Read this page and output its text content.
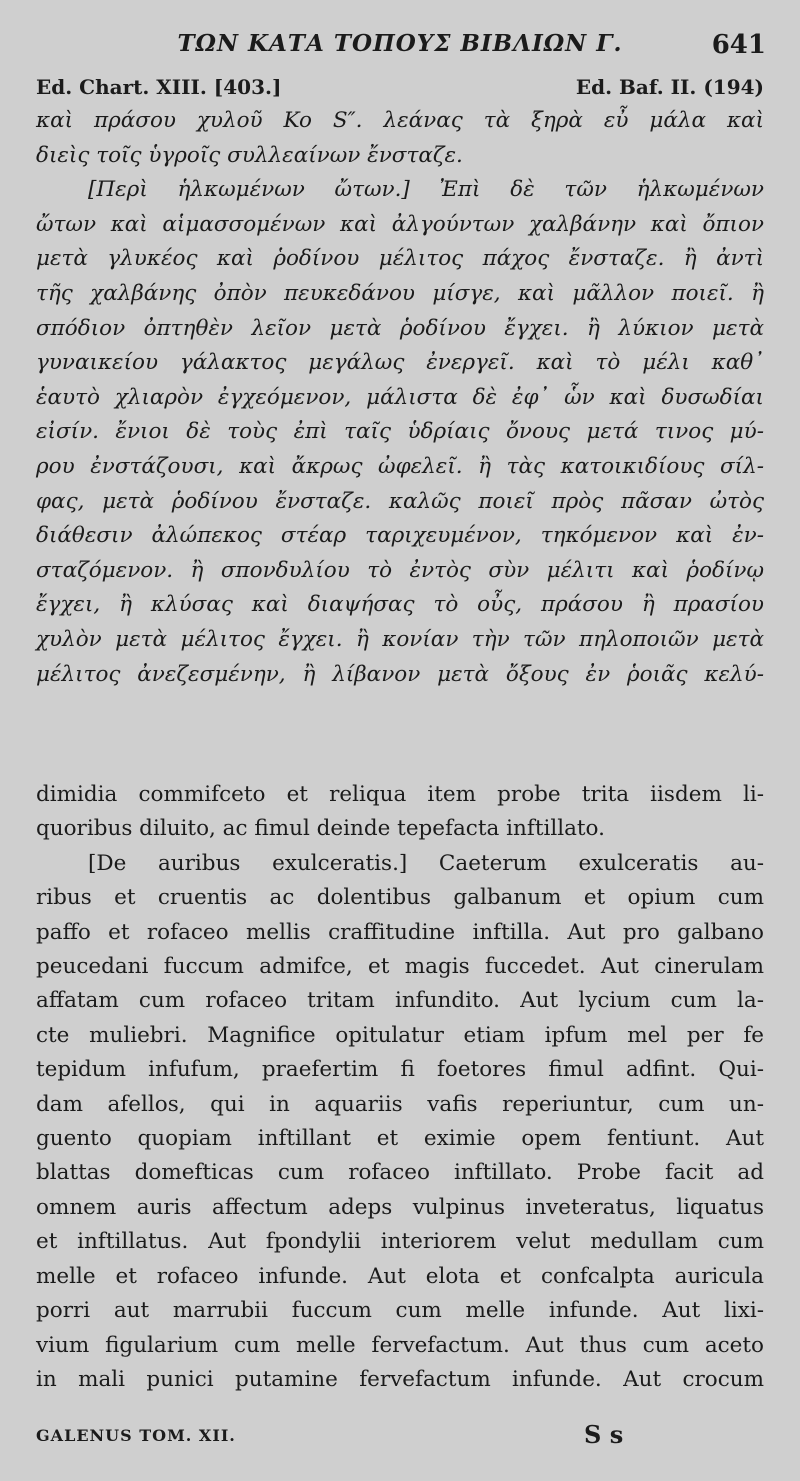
ΤΩΝ ΚΑΤΑ ΤΟΠΟΥΣ ΒΙΒΛΙΩΝ Γ.	641
Ed. Chart. XIII. [403.]	Ed. Baf. II. (194)
καὶ πράσου χυλοῦ Ko S″. λεάνας τὰ ξηρὰ εὖ μάλα καὶ
διεὶς τοῖς ὑγροῖς συλλεαίνων ἔνσταζε.
[Περὶ ἡλκωμένων ὤτων.] Ἐπὶ δὲ τῶν ἡλκωμένων
ὤτων καὶ αἱμασσομένων καὶ ἀλγούντων χαλβάνην καὶ ὄπιον
μετὰ γλυκέος καὶ ῥοδίνου μέλιτος πάχος ἔνσταζε. ἢ ἀντὶ
τῆς χαλβάνης ὀπὸν πευκεδάνου μίσγε, καὶ μᾶλλον ποιεῖ. ἢ
σπόδιον ὀπτηθὲν λεῖον μετὰ ῥοδίνου ἔγχει. ἢ λύκιον μετὰ
γυναικείου γάλακτος μεγάλως ἐνεργεῖ. καὶ τὸ μέλι καθ᾽
ἑαυτὸ χλιαρὸν ἐγχεόμενον, μάλιστα δὲ ἐφ᾽ ὧν καὶ δυσωδίαι
εἰσίν. ἔνιοι δὲ τοὺς ἐπὶ ταῖς ὑδρίαις ὄνους μετά τινος μύ-
ρου ἐνστάζουσι, καὶ ἄκρως ὠφελεῖ. ἢ τὰς κατοικιδίους σίλ-
φας, μετὰ ῥοδίνου ἔνσταζε. καλῶς ποιεῖ πρὸς πᾶσαν ὠτὸς
διάθεσιν ἀλώπεκος στέαρ ταριχευμένον, τηκόμενον καὶ ἐν-
σταζόμενον. ἢ σπονδυλίου τὸ ἐντὸς σὺν μέλιτι καὶ ῥοδίνῳ
ἔγχει, ἢ κλύσας καὶ διαψήσας τὸ οὖς, πράσου ἢ πρασίου
χυλὸν μετὰ μέλιτος ἔγχει. ἢ κονίαν τὴν τῶν πηλοποιῶν μετὰ
μέλιτος ἀνεζεσμένην, ἢ λίβανον μετὰ ὄξους ἐν ῥοιᾶς κελύ-
dimidia commifceto et reliqua item probe trita iisdem li-
quoribus diluito, ac fimul deinde tepefacta inftillato.
[De auribus exulceratis.] Caeterum exulceratis au-
ribus et cruentis ac dolentibus galbanum et opium cum
paffo et rofaceo mellis craffitudine inftilla. Aut pro galbano
peucedani fuccum admifce, et magis fuccedet. Aut cinerulam
affatam cum rofaceo tritam infundito. Aut lycium cum la-
cte muliebri. Magnifice opitulatur etiam ipfum mel per fe
tepidum infufum, praefertim fi foetores fimul adfint. Qui-
dam afellos, qui in aquariis vafis reperiuntur, cum un-
guento quopiam inftillant et eximie opem fentiunt. Aut
blattas domefticas cum rofaceo inftillato. Probe facit ad
omnem auris affectum adeps vulpinus inveteratus, liquatus
et inftillatus. Aut fpondylii interiorem velut medullam cum
melle et rofaceo infunde. Aut elota et confcalpta auricula
porri aut marrubii fuccum cum melle infunde. Aut lixi-
vium figularium cum melle fervefactum. Aut thus cum aceto
in mali punici putamine fervefactum infunde. Aut crocum
GALENUS TOM. XII.	S s
